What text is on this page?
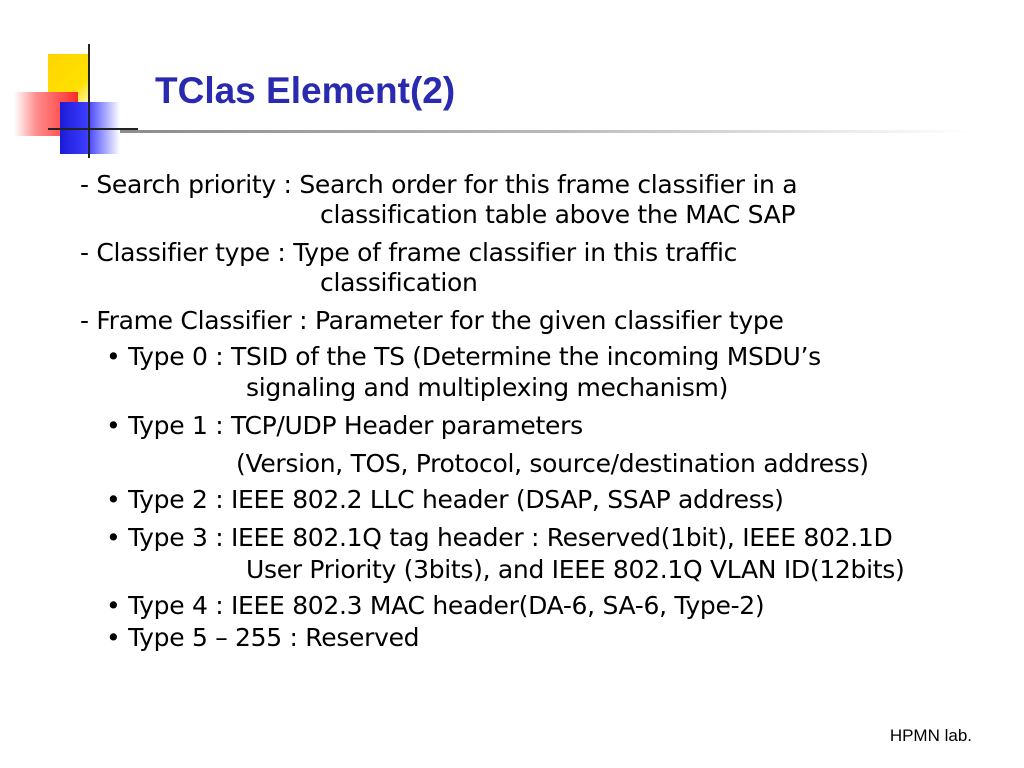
TClas Element(2)
- Search priority : Search order for this frame classifier in a
classification table above the MAC SAP
- Classifier type : Type of frame classifier in this traffic
classification
- Frame Classifier : Parameter for the given classifier type
• Type 0 : TSID of the TS (Determine the incoming MSDU’s
signaling and multiplexing mechanism)
• Type 1 : TCP/UDP Header parameters
(Version, TOS, Protocol, source/destination address)
• Type 2 : IEEE 802.2 LLC header (DSAP, SSAP address)
• Type 3 : IEEE 802.1Q tag header : Reserved(1bit), IEEE 802.1D
User Priority (3bits), and IEEE 802.1Q VLAN ID(12bits)
• Type 4 : IEEE 802.3 MAC header(DA-6, SA-6, Type-2)
• Type 5 – 255 : Reserved
HPMN lab.
